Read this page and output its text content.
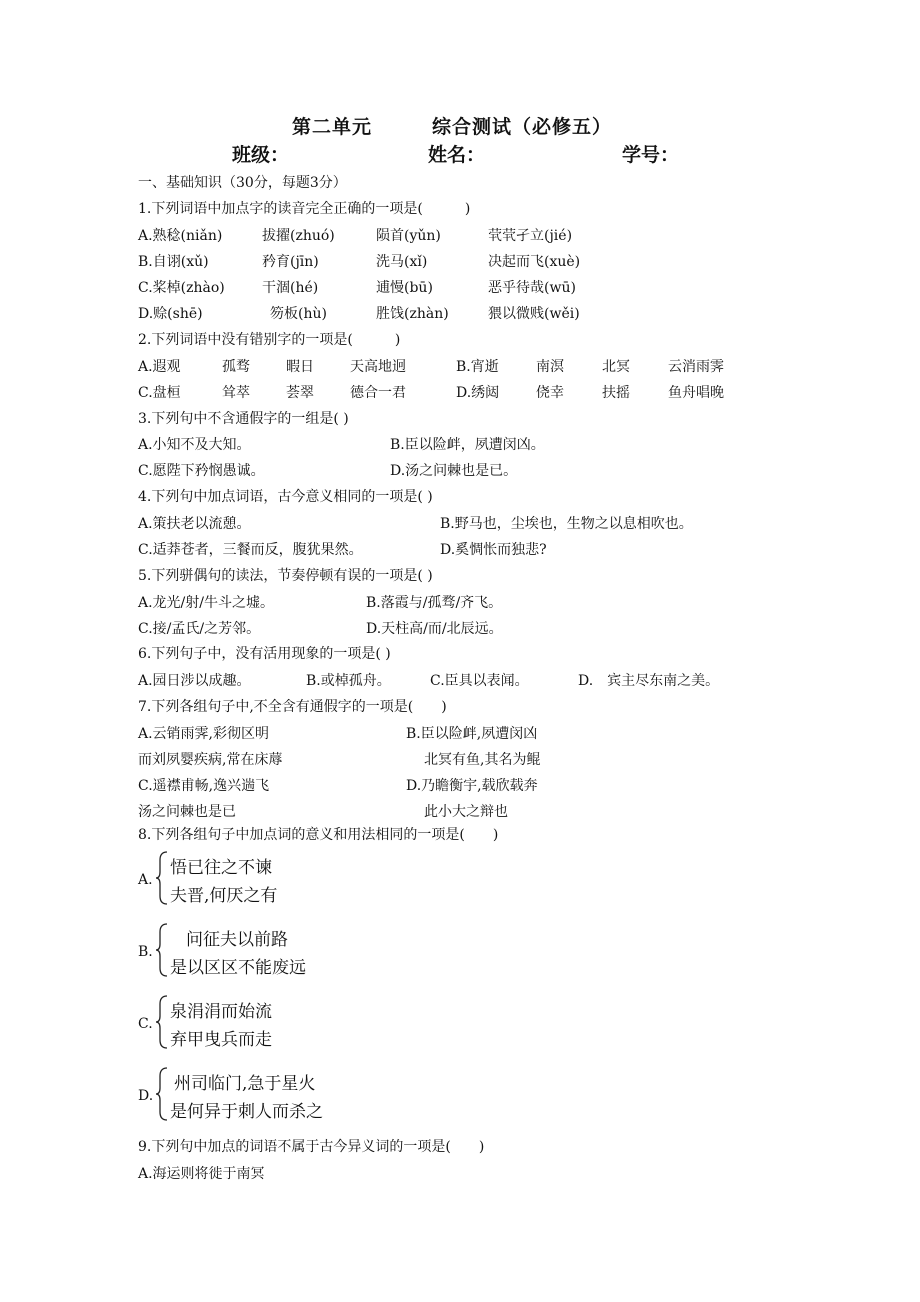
第二单元	综合测试（必修五）
班级：	姓名：	学号：
一、基础知识（30分，每题3分）
1.下列词语中加点字的读音完全正确的一项是(　　　)
A.熟稔(niǎn)	拔擢(zhuó)	陨首(yǔn)	茕茕孑立(jié)
B.自诩(xǔ)	矜育(jīn)	洗马(xǐ)	决起而飞(xuè)
C.桨棹(zhào)	干涸(hé)	逋慢(bū)	恶乎待哉(wū)
D.赊(shē)	笏板(hù)	胜饯(zhàn)	猥以微贱(wěi)
2.下列词语中没有错别字的一项是(　　　)
A.遐观	孤骛	暇日	天高地迥	B.宵逝	南溟	北冥	云消雨霁
C.盘桓	耸萃	荟翠	德合一君	D.绣闼	侥幸	扶摇	鱼舟唱晚
3.下列句中不含通假字的一组是( )
A.小知不及大知。	B.臣以险衅，夙遭闵凶。
C.愿陛下矜悯愚诚。	D.汤之问棘也是已。
4.下列句中加点词语，古今意义相同的一项是( )
A.策扶老以流憩。	B.野马也，尘埃也，生物之以息相吹也。
C.适莽苍者，三餐而反，腹犹果然。	D.奚惆怅而独悲?
5.下列骈偶句的读法，节奏停顿有误的一项是( )
A.龙光/射/牛斗之墟。	B.落霞与/孤骛/齐飞。
C.接/孟氏/之芳邻。	D.天柱高/而/北辰远。
6.下列句子中，没有活用现象的一项是( )
A.园日涉以成趣。	B.或棹孤舟。	C.臣具以表闻。	D.　宾主尽东南之美。
7.下列各组句子中,不全含有通假字的一项是(　　)
A.云销雨霁,彩彻区明	B.臣以险衅,夙遭闵凶
而刘夙婴疾病,常在床蓐	北冥有鱼,其名为鲲
C.遥襟甫畅,逸兴遄飞	D.乃瞻衡宇,载欣载奔
汤之问棘也是已	此小大之辩也
8.下列各组句子中加点词的意义和用法相同的一项是(　　)
A.
悟已往之不谏
夫晋,何厌之有
B.
问征夫以前路
是以区区不能废远
C.
泉涓涓而始流
弃甲曳兵而走
D.
州司临门,急于星火
是何异于刺人而杀之
9.下列句中加点的词语不属于古今异义词的一项是(　　)
A.海运则将徙于南冥
